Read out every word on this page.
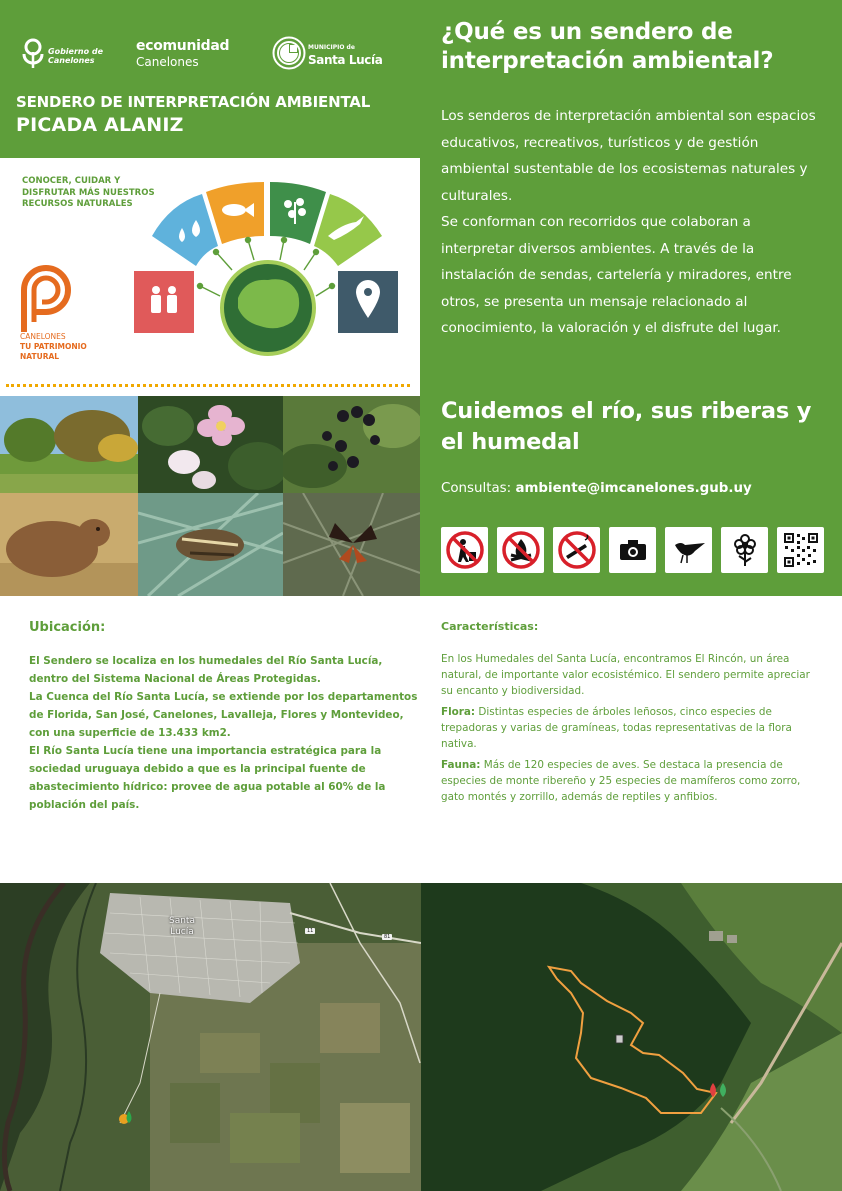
Gobierno de Canelones
ecomunidad
Canelones
MUNICIPIO de
Santa Lucía
SENDERO DE INTERPRETACIÓN AMBIENTAL
PICADA ALANIZ
CONOCER, CUIDAR Y DISFRUTAR MÁS NUESTROS RECURSOS NATURALES
CANELONES
TU PATRIMONIO
NATURAL
¿Qué es un sendero de interpretación ambiental?

Los senderos de interpretación ambiental son espacios educativos, recreativos, turísticos y de gestión ambiental sustentable de los ecosistemas naturales y culturales.

Se conforman con recorridos que colaboran a interpretar diversos ambientes. A través de la instalación de sendas, cartelería y miradores, entre otros, se presenta un mensaje relacionado al conocimiento, la valoración y el disfrute del lugar.

Cuidemos el río, sus riberas y el humedal
Consultas: ambiente@imcanelones.gub.uy
Ubicación:

El Sendero se localiza en los humedales del Río Santa Lucía, dentro del Sistema Nacional de Áreas Protegidas.

La Cuenca del Río Santa Lucía, se extiende por los departamentos de Florida, San José, Canelones, Lavalleja, Flores y Montevideo, con una superficie de 13.433 km2.

El Río Santa Lucía tiene una importancia estratégica para la sociedad uruguaya debido a que es la principal fuente de abastecimiento hídrico: provee de agua potable al 60% de la población del país.

Características:

En los Humedales del Santa Lucía, encontramos El Rincón, un área natural, de importante valor ecosistémico. El sendero permite apreciar su encanto y biodiversidad.

Flora: Distintas especies de árboles leñosos, cinco especies de trepadoras y varias de gramíneas, todas representativas de la flora nativa.

Fauna: Más de 120 especies de aves. Se destaca la presencia de especies de monte ribereño y 25 especies de mamíferos como zorro, gato montés y zorrillo, además de reptiles y anfibios.

Santa
Lucía	11
81
